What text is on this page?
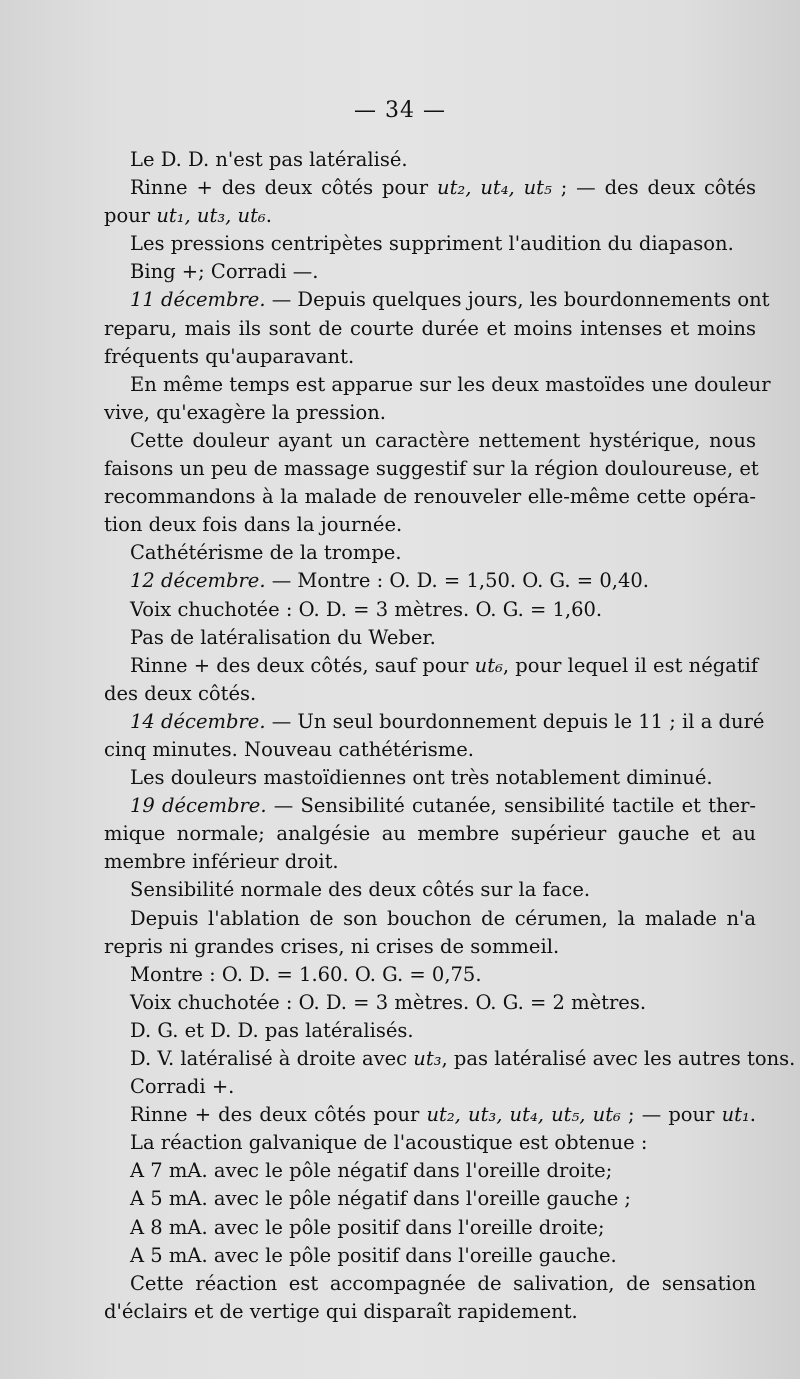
— 34 —
Le D. D. n'est pas latéralisé.
Rinne + des deux côtés pour ut₂, ut₄, ut₅ ; — des deux côtés
pour ut₁, ut₃, ut₆.
Les pressions centripètes suppriment l'audition du diapason.
Bing +; Corradi —.
11 décembre. — Depuis quelques jours, les bourdonnements ont
reparu, mais ils sont de courte durée et moins intenses et moins
fréquents qu'auparavant.
En même temps est apparue sur les deux mastoïdes une douleur
vive, qu'exagère la pression.
Cette douleur ayant un caractère nettement hystérique, nous
faisons un peu de massage suggestif sur la région douloureuse, et
recommandons à la malade de renouveler elle-même cette opéra-
tion deux fois dans la journée.
Cathétérisme de la trompe.
12 décembre. — Montre : O. D. = 1,50. O. G. = 0,40.
Voix chuchotée : O. D. = 3 mètres. O. G. = 1,60.
Pas de latéralisation du Weber.
Rinne + des deux côtés, sauf pour ut₆, pour lequel il est négatif
des deux côtés.
14 décembre. — Un seul bourdonnement depuis le 11 ; il a duré
cinq minutes. Nouveau cathétérisme.
Les douleurs mastoïdiennes ont très notablement diminué.
19 décembre. — Sensibilité cutanée, sensibilité tactile et ther-
mique normale; analgésie au membre supérieur gauche et au
membre inférieur droit.
Sensibilité normale des deux côtés sur la face.
Depuis l'ablation de son bouchon de cérumen, la malade n'a
repris ni grandes crises, ni crises de sommeil.
Montre : O. D. = 1.60. O. G. = 0,75.
Voix chuchotée : O. D. = 3 mètres. O. G. = 2 mètres.
D. G. et D. D. pas latéralisés.
D. V. latéralisé à droite avec ut₃, pas latéralisé avec les autres tons.
Corradi +.
Rinne + des deux côtés pour ut₂, ut₃, ut₄, ut₅, ut₆ ; — pour ut₁.
La réaction galvanique de l'acoustique est obtenue :
A 7 mA. avec le pôle négatif dans l'oreille droite;
A 5 mA. avec le pôle négatif dans l'oreille gauche ;
A 8 mA. avec le pôle positif dans l'oreille droite;
A 5 mA. avec le pôle positif dans l'oreille gauche.
Cette réaction est accompagnée de salivation, de sensation
d'éclairs et de vertige qui disparaît rapidement.
